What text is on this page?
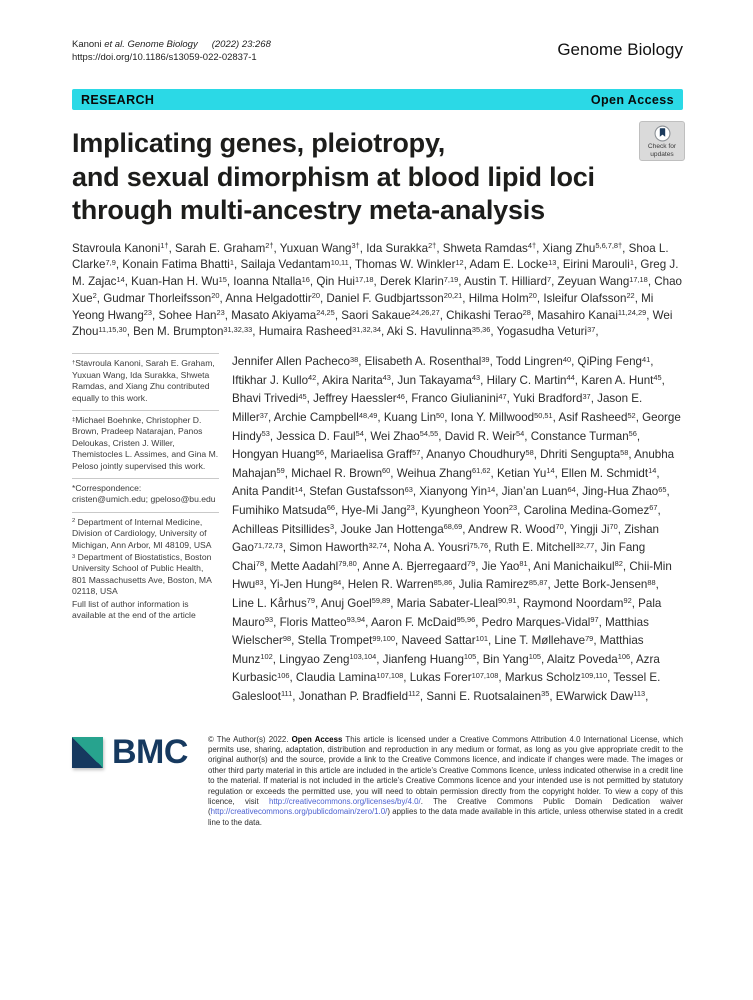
Kanoni et al. Genome Biology (2022) 23:268
https://doi.org/10.1186/s13059-022-02837-1	Genome Biology
RESEARCH	Open Access
Implicating genes, pleiotropy,
and sexual dimorphism at blood lipid loci
through multi-ancestry meta-analysis
Check for
updates

Stavroula Kanoni$^{1\dagger}$, Sarah E. Graham$^{2\dagger}$, Yuxuan Wang$^{3\dagger}$, Ida Surakka$^{2\dagger}$, Shweta Ramdas$^{4\dagger}$, Xiang Zhu$^{5,6,7,8\dagger}$, Shoa L. Clarke$^{7,9}$, Konain Fatima Bhatti$^1$, Sailaja Vedantam$^{10,11}$, Thomas W. Winkler$^{12}$, Adam E. Locke$^{13}$, Eirini Marouli$^1$, Greg J. M. Zajac$^{14}$, Kuan-Han H. Wu$^{15}$, Ioanna Ntalla$^{16}$, Qin Hui$^{17,18}$, Derek Klarin$^{7,19}$, Austin T. Hilliard$^7$, Zeyuan Wang$^{17,18}$, Chao Xue$^2$, Gudmar Thorleifsson$^{20}$, Anna Helgadottir$^{20}$, Daniel F. Gudbjartsson$^{20,21}$, Hilma Holm$^{20}$, Isleifur Olafsson$^{22}$, Mi Yeong Hwang$^{23}$, Sohee Han$^{23}$, Masato Akiyama$^{24,25}$, Saori Sakaue$^{24,26,27}$, Chikashi Terao$^{28}$, Masahiro Kanai$^{11,24,29}$, Wei Zhou$^{11,15,30}$, Ben M. Brumpton$^{31,32,33}$, Humaira Rasheed$^{31,32,34}$, Aki S. Havulinna$^{35,36}$, Yogasudha Veturi$^{37}$,

†Stavroula Kanoni, Sarah E. Graham, Yuxuan Wang, Ida Surakka, Shweta Ramdas, and Xiang Zhu contributed equally to this work.
‡Michael Boehnke, Christopher D. Brown, Pradeep Natarajan, Panos Deloukas, Cristen J. Willer, Themistocles L. Assimes, and Gina M. Peloso jointly supervised this work.
*Correspondence: cristen@umich.edu; gpeloso@bu.edu
$^2$ Department of Internal Medicine, Division of Cardiology, University of Michigan, Ann Arbor, MI 48109, USA
$^3$ Department of Biostatistics, Boston University School of Public Health, 801 Massachusetts Ave, Boston, MA 02118, USA
Full list of author information is available at the end of the article

Jennifer Allen Pacheco$^{38}$, Elisabeth A. Rosenthal$^{39}$, Todd Lingren$^{40}$, QiPing Feng$^{41}$, Iftikhar J. Kullo$^{42}$, Akira Narita$^{43}$, Jun Takayama$^{43}$, Hilary C. Martin$^{44}$, Karen A. Hunt$^{45}$, Bhavi Trivedi$^{45}$, Jeffrey Haessler$^{46}$, Franco Giulianini$^{47}$, Yuki Bradford$^{37}$, Jason E. Miller$^{37}$, Archie Campbell$^{48,49}$, Kuang Lin$^{50}$, Iona Y. Millwood$^{50,51}$, Asif Rasheed$^{52}$, George Hindy$^{53}$, Jessica D. Faul$^{54}$, Wei Zhao$^{54,55}$, David R. Weir$^{54}$, Constance Turman$^{56}$, Hongyan Huang$^{56}$, Mariaelisa Graff$^{57}$, Ananyo Choudhury$^{58}$, Dhriti Sengupta$^{58}$, Anubha Mahajan$^{59}$, Michael R. Brown$^{60}$, Weihua Zhang$^{61,62}$, Ketian Yu$^{14}$, Ellen M. Schmidt$^{14}$, Anita Pandit$^{14}$, Stefan Gustafsson$^{63}$, Xianyong Yin$^{14}$, Jian’an Luan$^{64}$, Jing-Hua Zhao$^{65}$, Fumihiko Matsuda$^{66}$, Hye-Mi Jang$^{23}$, Kyungheon Yoon$^{23}$, Carolina Medina-Gomez$^{67}$, Achilleas Pitsillides$^3$, Jouke Jan Hottenga$^{68,69}$, Andrew R. Wood$^{70}$, Yingji Ji$^{70}$, Zishan Gao$^{71,72,73}$, Simon Haworth$^{32,74}$, Noha A. Yousri$^{75,76}$, Ruth E. Mitchell$^{32,77}$, Jin Fang Chai$^{78}$, Mette Aadahl$^{79,80}$, Anne A. Bjerregaard$^{79}$, Jie Yao$^{81}$, Ani Manichaikul$^{82}$, Chii-Min Hwu$^{83}$, Yi-Jen Hung$^{84}$, Helen R. Warren$^{85,86}$, Julia Ramirez$^{85,87}$, Jette Bork-Jensen$^{88}$, Line L. Kårhus$^{79}$, Anuj Goel$^{59,89}$, Maria Sabater-Lleal$^{90,91}$, Raymond Noordam$^{92}$, Pala Mauro$^{93}$, Floris Matteo$^{93,94}$, Aaron F. McDaid$^{95,96}$, Pedro Marques-Vidal$^{97}$, Matthias Wielscher$^{98}$, Stella Trompet$^{99,100}$, Naveed Sattar$^{101}$, Line T. Møllehave$^{79}$, Matthias Munz$^{102}$, Lingyao Zeng$^{103,104}$, Jianfeng Huang$^{105}$, Bin Yang$^{105}$, Alaitz Poveda$^{106}$, Azra Kurbasic$^{106}$, Claudia Lamina$^{107,108}$, Lukas Forer$^{107,108}$, Markus Scholz$^{109,110}$, Tessel E. Galesloot$^{111}$, Jonathan P. Bradfield$^{112}$, Sanni E. Ruotsalainen$^{35}$, EWarwick Daw$^{113}$,

BMC	© The Author(s) 2022. Open Access This article is licensed under a Creative Commons Attribution 4.0 International License, which permits use, sharing, adaptation, distribution and reproduction in any medium or format, as long as you give appropriate credit to the original author(s) and the source, provide a link to the Creative Commons licence, and indicate if changes were made. The images or other third party material in this article are included in the article’s Creative Commons licence, unless indicated otherwise in a credit line to the material. If material is not included in the article’s Creative Commons licence and your intended use is not permitted by statutory regulation or exceeds the permitted use, you will need to obtain permission directly from the copyright holder. To view a copy of this licence, visit http://creativecommons.org/licenses/by/4.0/. The Creative Commons Public Domain Dedication waiver (http://creativecommons.org/publicdomain/zero/1.0/) applies to the data made available in this article, unless otherwise stated in a credit line to the data.
